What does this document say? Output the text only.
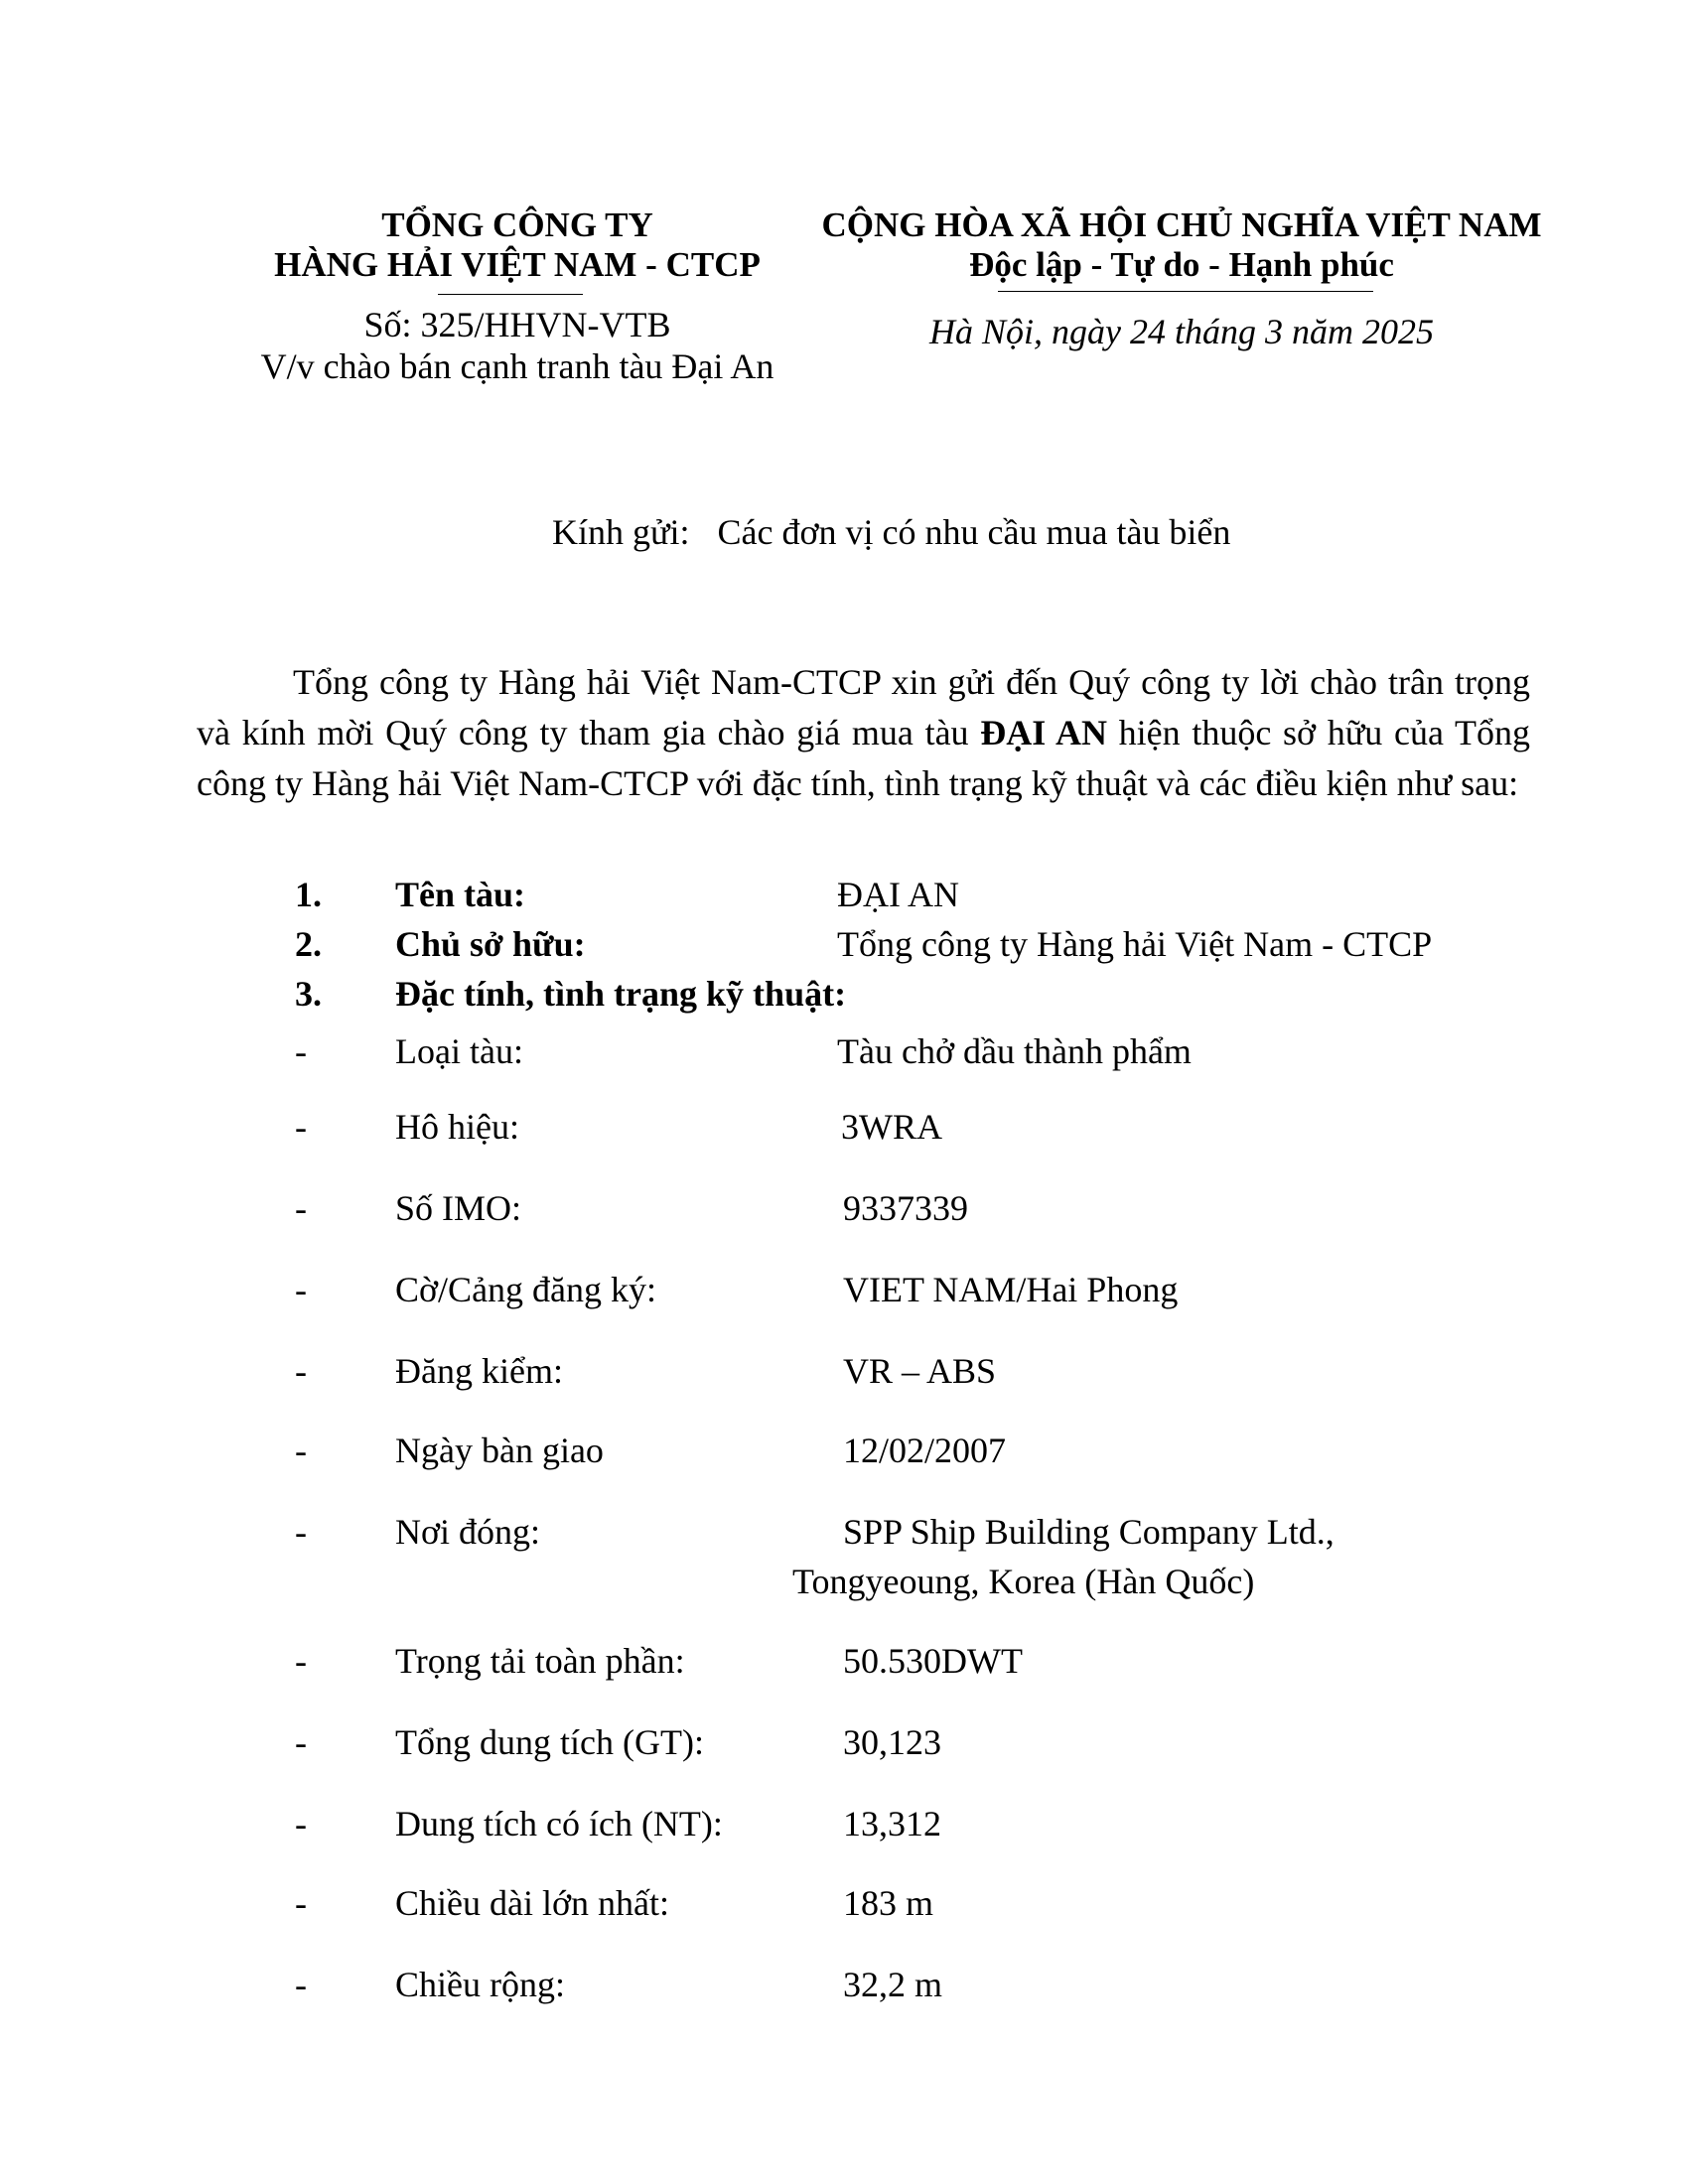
TỔNG CÔNG TY
HÀNG HẢI VIỆT NAM - CTCP
Số: 325/HHVN-VTB
V/v chào bán cạnh tranh tàu Đại An
CỘNG HÒA XÃ HỘI CHỦ NGHĨA VIỆT NAM
Độc lập - Tự do - Hạnh phúc
Hà Nội, ngày 24 tháng 3 năm 2025
Kính gửi: Các đơn vị có nhu cầu mua tàu biển
Tổng công ty Hàng hải Việt Nam-CTCP xin gửi đến Quý công ty lời chào trân trọng và kính mời Quý công ty tham gia chào giá mua tàu ĐẠI AN hiện thuộc sở hữu của Tổng công ty Hàng hải Việt Nam-CTCP với đặc tính, tình trạng kỹ thuật và các điều kiện như sau:
1. Tên tàu:	ĐẠI AN
2. Chủ sở hữu:	Tổng công ty Hàng hải Việt Nam - CTCP
3. Đặc tính, tình trạng kỹ thuật:
- Loại tàu:	Tàu chở dầu thành phẩm
- Hô hiệu:	3WRA
- Số IMO:	9337339
- Cờ/Cảng đăng ký:	VIET NAM/Hai Phong
- Đăng kiểm:	VR – ABS
- Ngày bàn giao	12/02/2007
- Nơi đóng:	SPP Ship Building Company Ltd.,
Tongyeoung, Korea (Hàn Quốc)
- Trọng tải toàn phần:	50.530DWT
- Tổng dung tích (GT):	30,123
- Dung tích có ích (NT):	13,312
- Chiều dài lớn nhất:	183 m
- Chiều rộng:	32,2 m
